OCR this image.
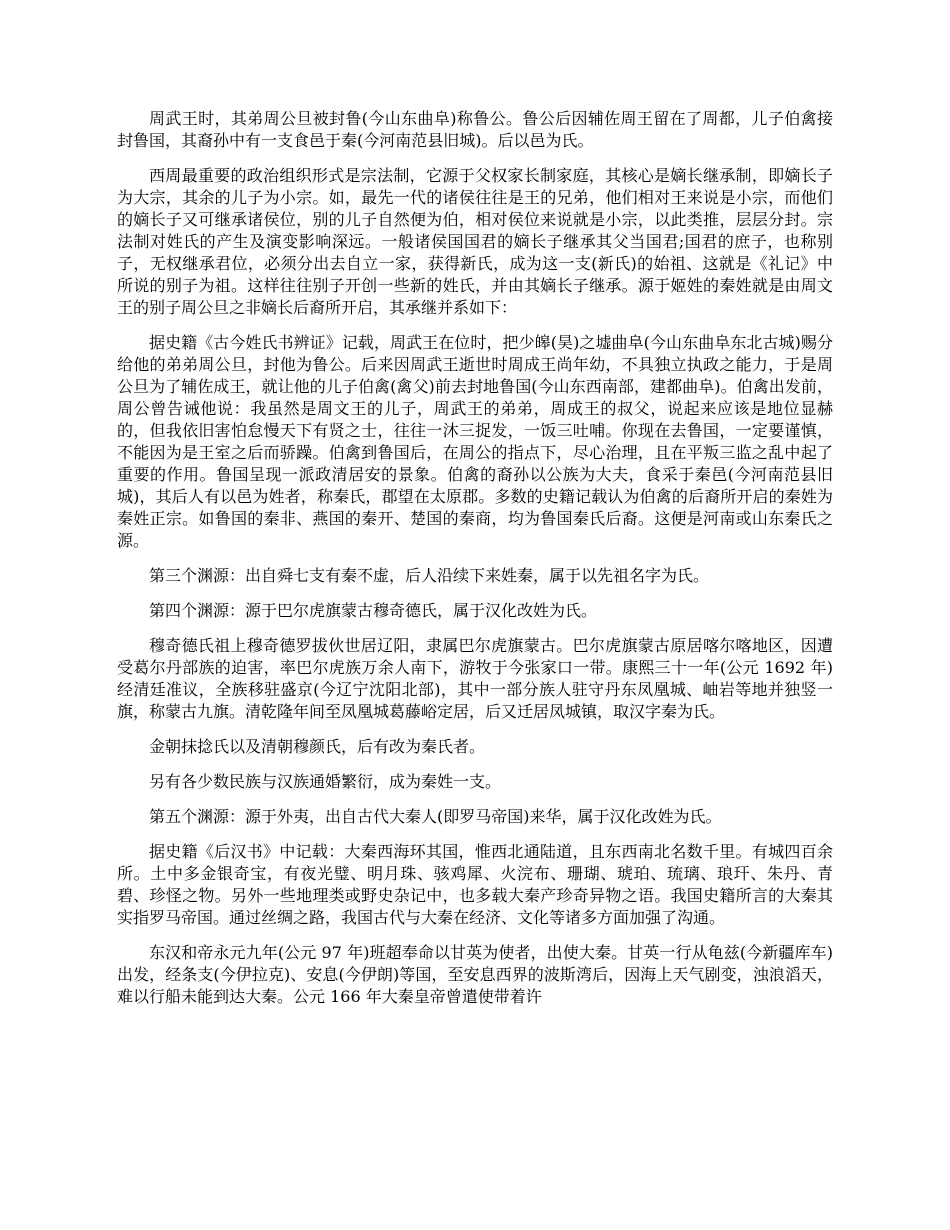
周武王时，其弟周公旦被封鲁(今山东曲阜)称鲁公。鲁公后因辅佐周王留在了周都，儿子伯禽接封鲁国，其裔孙中有一支食邑于秦(今河南范县旧城)。后以邑为氏。

西周最重要的政治组织形式是宗法制，它源于父权家长制家庭，其核心是嫡长继承制，即嫡长子为大宗，其余的儿子为小宗。如，最先一代的诸侯往往是王的兄弟，他们相对王来说是小宗，而他们的嫡长子又可继承诸侯位，别的儿子自然便为伯，相对侯位来说就是小宗，以此类推，层层分封。宗法制对姓氏的产生及演变影响深远。一般诸侯国国君的嫡长子继承其父当国君;国君的庶子，也称别子，无权继承君位，必须分出去自立一家，获得新氏，成为这一支(新氏)的始祖、这就是《礼记》中所说的别子为祖。这样往往别子开创一些新的姓氏，并由其嫡长子继承。源于姬姓的秦姓就是由周文王的别子周公旦之非嫡长后裔所开启，其承继并系如下：

据史籍《古今姓氏书辨证》记载，周武王在位时，把少皞(昊)之墟曲阜(今山东曲阜东北古城)赐分给他的弟弟周公旦，封他为鲁公。后来因周武王逝世时周成王尚年幼，不具独立执政之能力，于是周公旦为了辅佐成王，就让他的儿子伯禽(禽父)前去封地鲁国(今山东西南部，建都曲阜)。伯禽出发前，周公曾告诫他说：我虽然是周文王的儿子，周武王的弟弟，周成王的叔父，说起来应该是地位显赫的，但我依旧害怕怠慢天下有贤之士，往往一沐三捉发，一饭三吐哺。你现在去鲁国，一定要谨慎，不能因为是王室之后而骄躁。伯禽到鲁国后，在周公的指点下，尽心治理，且在平叛三监之乱中起了重要的作用。鲁国呈现一派政清居安的景象。伯禽的裔孙以公族为大夫，食采于秦邑(今河南范县旧城)，其后人有以邑为姓者，称秦氏，郡望在太原郡。多数的史籍记载认为伯禽的后裔所开启的秦姓为秦姓正宗。如鲁国的秦非、燕国的秦开、楚国的秦商，均为鲁国秦氏后裔。这便是河南或山东秦氏之源。

第三个渊源：出自舜七支有秦不虚，后人沿续下来姓秦，属于以先祖名字为氏。

第四个渊源：源于巴尔虎旗蒙古穆奇德氏，属于汉化改姓为氏。

穆奇德氏祖上穆奇德罗拔伙世居辽阳，隶属巴尔虎旗蒙古。巴尔虎旗蒙古原居喀尔喀地区，因遭受葛尔丹部族的迫害，率巴尔虎族万余人南下，游牧于今张家口一带。康熙三十一年(公元 1692 年)经清廷准议，全族移驻盛京(今辽宁沈阳北部)，其中一部分族人驻守丹东凤凰城、岫岩等地并独竖一旗，称蒙古九旗。清乾隆年间至凤凰城葛藤峪定居，后又迁居凤城镇，取汉字秦为氏。

金朝抹捻氏以及清朝穆颜氏，后有改为秦氏者。

另有各少数民族与汉族通婚繁衍，成为秦姓一支。

第五个渊源：源于外夷，出自古代大秦人(即罗马帝国)来华，属于汉化改姓为氏。

据史籍《后汉书》中记载：大秦西海环其国，惟西北通陆道，且东西南北名数千里。有城四百余所。土中多金银奇宝，有夜光璧、明月珠、骇鸡犀、火浣布、珊瑚、琥珀、琉璃、琅玕、朱丹、青碧、珍怪之物。另外一些地理类或野史杂记中，也多载大秦产珍奇异物之语。我国史籍所言的大秦其实指罗马帝国。通过丝绸之路，我国古代与大秦在经济、文化等诸多方面加强了沟通。

东汉和帝永元九年(公元 97 年)班超奉命以甘英为使者，出使大秦。甘英一行从龟兹(今新疆库车)出发，经条支(今伊拉克)、安息(今伊朗)等国，至安息西界的波斯湾后，因海上天气剧变，浊浪滔天，难以行船未能到达大秦。公元 166 年大秦皇帝曾遣使带着许
